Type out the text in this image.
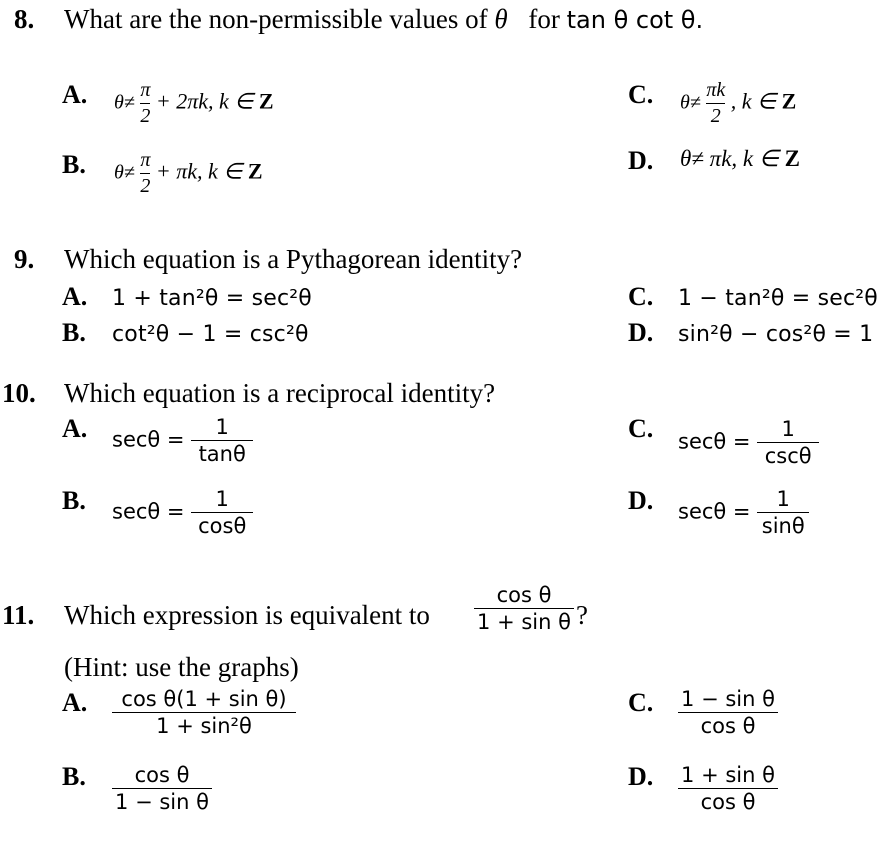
8. What are the non-permissible values of θ for tan θ cot θ.
A. $\theta\ne \frac{\pi}{2} + 2\pi k$, k ∈ Z
B. $\theta\ne \frac{\pi}{2} + \pi k$, k ∈ Z
C. $\theta\ne \frac{\pi k}{2}$ , k ∈ Z
D. θ≠ πk, k ∈ Z
9. Which equation is a Pythagorean identity?
A. 1 + tan²θ = sec²θ
B. cot²θ − 1 = csc²θ
C. 1 − tan²θ = sec²θ
D. sin²θ − cos²θ = 1
10. Which equation is a reciprocal identity?
A. $\sec\theta = \frac{1}{\tan\theta}$
B. $\sec\theta = \frac{1}{\cos\theta}$
C. $\sec\theta = \frac{1}{\csc\theta}$
D. $\sec\theta = \frac{1}{\sin\theta}$
11. Which expression is equivalent to $\frac{\text{cos θ}}{\text{1 + sin θ}}$ ?
(Hint: use the graphs)
A. $\frac{\text{cos θ(1 + sin θ)}}{\text{1 + sin²θ}}$
B. $\frac{\text{cos θ}}{\text{1 − sin θ}}$
C. $\frac{\text{1 − sin θ}}{\text{cos θ}}$
D. $\frac{\text{1 + sin θ}}{\text{cos θ}}$
